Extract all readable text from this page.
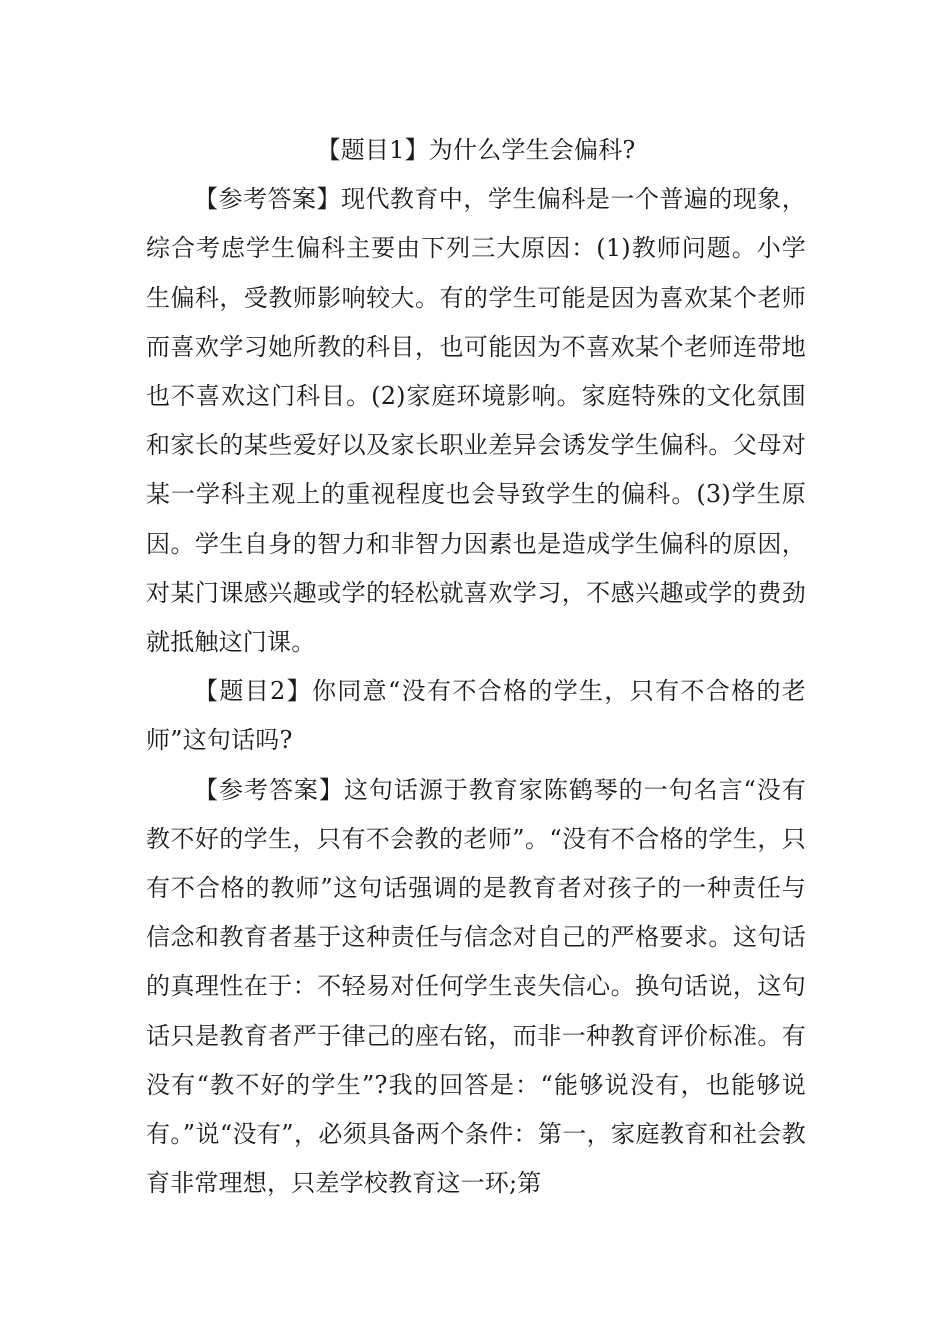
【题目1】为什么学生会偏科?

【参考答案】现代教育中，学生偏科是一个普遍的现象，综合考虑学生偏科主要由下列三大原因：(1)教师问题。小学生偏科，受教师影响较大。有的学生可能是因为喜欢某个老师而喜欢学习她所教的科目，也可能因为不喜欢某个老师连带地也不喜欢这门科目。(2)家庭环境影响。家庭特殊的文化氛围和家长的某些爱好以及家长职业差异会诱发学生偏科。父母对某一学科主观上的重视程度也会导致学生的偏科。(3)学生原因。学生自身的智力和非智力因素也是造成学生偏科的原因，对某门课感兴趣或学的轻松就喜欢学习，不感兴趣或学的费劲就抵触这门课。

【题目2】你同意“没有不合格的学生，只有不合格的老师”这句话吗?

【参考答案】这句话源于教育家陈鹤琴的一句名言“没有教不好的学生，只有不会教的老师”。“没有不合格的学生，只有不合格的教师”这句话强调的是教育者对孩子的一种责任与信念和教育者基于这种责任与信念对自己的严格要求。这句话的真理性在于：不轻易对任何学生丧失信心。换句话说，这句话只是教育者严于律己的座右铭，而非一种教育评价标准。有没有“教不好的学生”?我的回答是：“能够说没有，也能够说有。”说“没有”，必须具备两个条件：第一，家庭教育和社会教育非常理想，只差学校教育这一环;第
